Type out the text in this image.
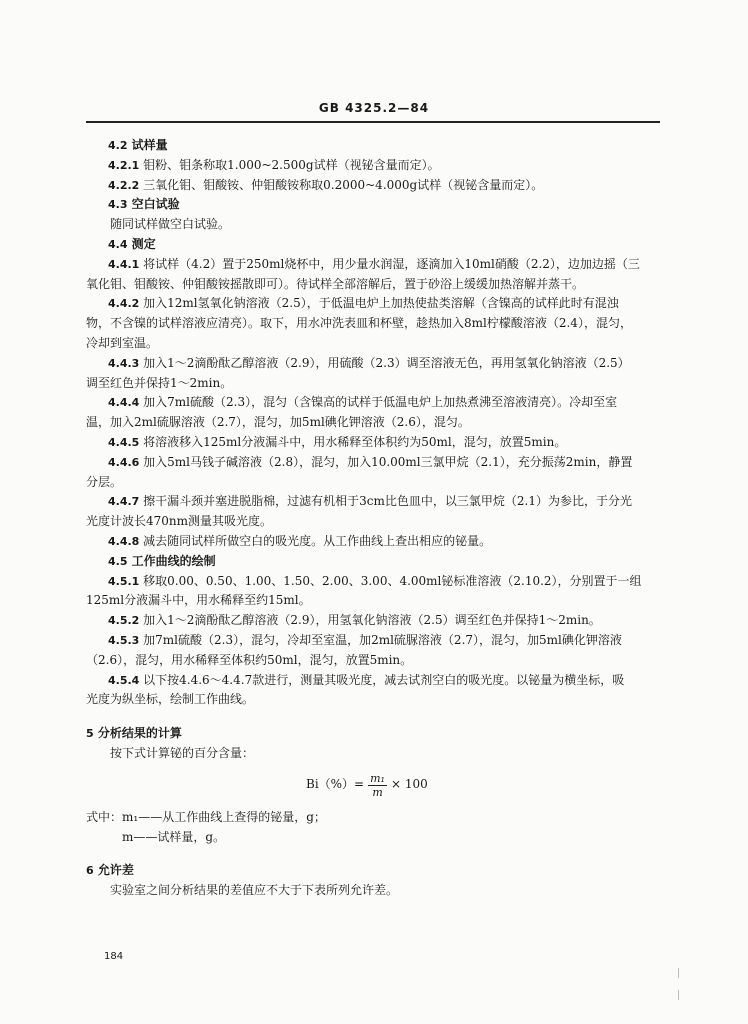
GB 4325.2—84
4.2 试样量
4.2.1 钼粉、钼条称取1.000~2.500g试样（视铋含量而定）。
4.2.2 三氧化钼、钼酸铵、仲钼酸铵称取0.2000~4.000g试样（视铋含量而定）。
4.3 空白试验
随同试样做空白试验。
4.4 测定
4.4.1 将试样（4.2）置于250ml烧杯中，用少量水润湿，逐滴加入10ml硝酸（2.2），边加边摇（三
氧化钼、钼酸铵、仲钼酸铵摇散即可）。待试样全部溶解后，置于砂浴上缓缓加热溶解并蒸干。
4.4.2 加入12ml氢氧化钠溶液（2.5），于低温电炉上加热使盐类溶解（含镍高的试样此时有混浊
物，不含镍的试样溶液应清亮）。取下，用水冲洗表皿和杯壁，趁热加入8ml柠檬酸溶液（2.4），混匀，
冷却到室温。
4.4.3 加入1～2滴酚酞乙醇溶液（2.9），用硫酸（2.3）调至溶液无色，再用氢氧化钠溶液（2.5）
调至红色并保持1～2min。
4.4.4 加入7ml硫酸（2.3），混匀（含镍高的试样于低温电炉上加热煮沸至溶液清亮）。冷却至室
温，加入2ml硫脲溶液（2.7），混匀，加5ml碘化钾溶液（2.6），混匀。
4.4.5 将溶液移入125ml分液漏斗中，用水稀释至体积约为50ml，混匀，放置5min。
4.4.6 加入5ml马钱子碱溶液（2.8），混匀，加入10.00ml三氯甲烷（2.1），充分振荡2min，静置
分层。
4.4.7 擦干漏斗颈并塞进脱脂棉，过滤有机相于3cm比色皿中，以三氯甲烷（2.1）为参比，于分光
光度计波长470nm测量其吸光度。
4.4.8 减去随同试样所做空白的吸光度。从工作曲线上查出相应的铋量。
4.5 工作曲线的绘制
4.5.1 移取0.00、0.50、1.00、1.50、2.00、3.00、4.00ml铋标准溶液（2.10.2），分别置于一组
125ml分液漏斗中，用水稀释至约15ml。
4.5.2 加入1～2滴酚酞乙醇溶液（2.9），用氢氧化钠溶液（2.5）调至红色并保持1～2min。
4.5.3 加7ml硫酸（2.3），混匀，冷却至室温，加2ml硫脲溶液（2.7），混匀，加5ml碘化钾溶液
（2.6），混匀，用水稀释至体积约50ml，混匀，放置5min。
4.5.4 以下按4.4.6～4.4.7款进行，测量其吸光度，减去试剂空白的吸光度。以铋量为横坐标，吸
光度为纵坐标，绘制工作曲线。
5 分析结果的计算
按下式计算铋的百分含量：
$Bi(\%)= \frac{\text{m₁}}{m} \times 100$
式中：m₁——从工作曲线上查得的铋量，g；
m——试样量，g。
6 允许差
实验室之间分析结果的差值应不大于下表所列允许差。
184
